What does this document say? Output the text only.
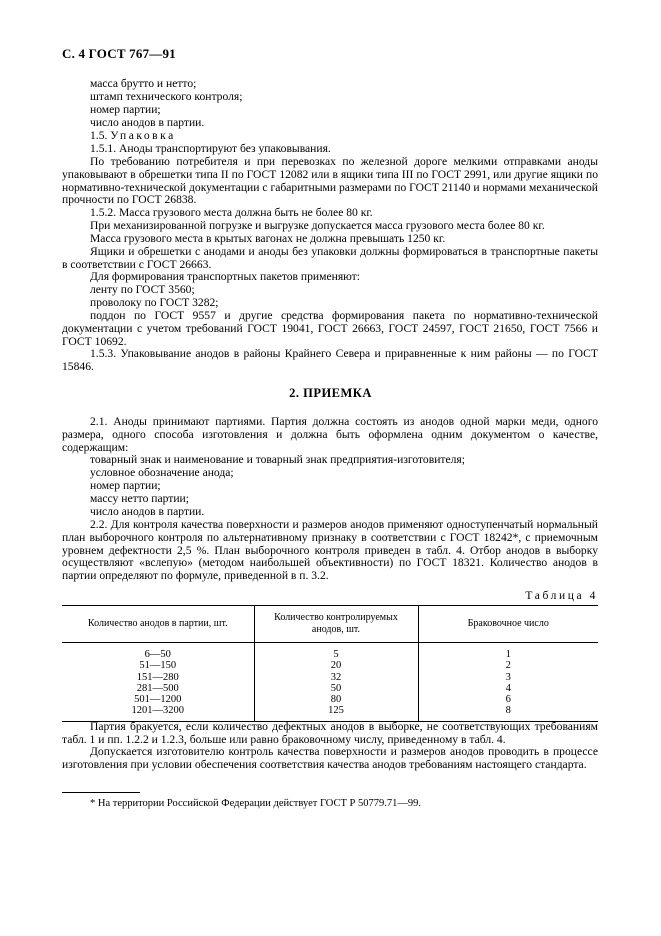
С. 4 ГОСТ 767—91

масса брутто и нетто;

штамп технического контроля;

номер партии;

число анодов в партии.

1.5. Упаковка

1.5.1. Аноды транспортируют без упаковывания.

По требованию потребителя и при перевозках по железной дороге мелкими отправками аноды упаковывают в обрешетки типа II по ГОСТ 12082 или в ящики типа III по ГОСТ 2991, или другие ящики по нормативно-технической документации с габаритными размерами по ГОСТ 21140 и нормами механической прочности по ГОСТ 26838.

1.5.2. Масса грузового места должна быть не более 80 кг.

При механизированной погрузке и выгрузке допускается масса грузового места более 80 кг.

Масса грузового места в крытых вагонах не должна превышать 1250 кг.

Ящики и обрешетки с анодами и аноды без упаковки должны формироваться в транспортные пакеты в соответствии с ГОСТ 26663.

Для формирования транспортных пакетов применяют:

ленту по ГОСТ 3560;

проволоку по ГОСТ 3282;

поддон по ГОСТ 9557 и другие средства формирования пакета по нормативно-технической документации с учетом требований ГОСТ 19041, ГОСТ 26663, ГОСТ 24597, ГОСТ 21650, ГОСТ 7566 и ГОСТ 10692.

1.5.3. Упаковывание анодов в районы Крайнего Севера и приравненные к ним районы — по ГОСТ 15846.

2. ПРИЕМКА

2.1. Аноды принимают партиями. Партия должна состоять из анодов одной марки меди, одного размера, одного способа изготовления и должна быть оформлена одним документом о качестве, содержащим:

товарный знак и наименование и товарный знак предприятия-изготовителя;

условное обозначение анода;

номер партии;

массу нетто партии;

число анодов в партии.

2.2. Для контроля качества поверхности и размеров анодов применяют одноступенчатый нормальный план выборочного контроля по альтернативному признаку в соответствии с ГОСТ 18242*, с приемочным уровнем дефектности 2,5 %. План выборочного контроля приведен в табл. 4. Отбор анодов в выборку осуществляют «вслепую» (методом наибольшей объективности) по ГОСТ 18321. Количество анодов в партии определяют по формуле, приведенной в п. 3.2.

Таблица 4
Количество анодов в партии, шт.	Количество контролируемых анодов, шт.	Браковочное число
6—50	5	1
51—150	20	2
151—280	32	3
281—500	50	4
501—1200	80	6
1201—3200	125	8

Партия бракуется, если количество дефектных анодов в выборке, не соответствующих требованиям табл. 1 и пп. 1.2.2 и 1.2.3, больше или равно браковочному числу, приведенному в табл. 4.

Допускается изготовителю контроль качества поверхности и размеров анодов проводить в процессе изготовления при условии обеспечения соответствия качества анодов требованиям настоящего стандарта.

* На территории Российской Федерации действует ГОСТ Р 50779.71—99.
